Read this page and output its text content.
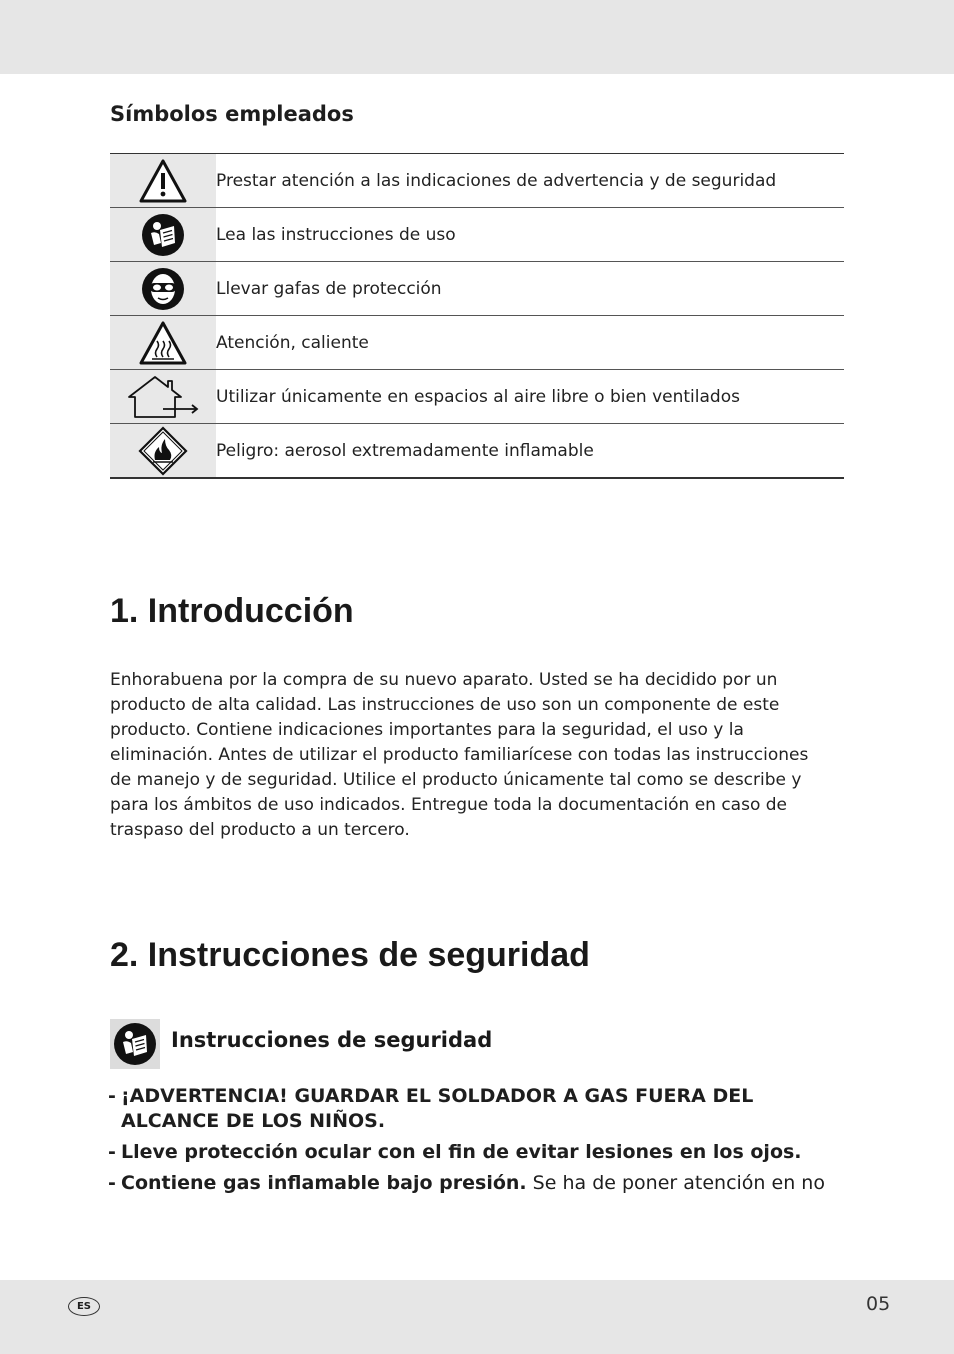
Símbolos empleados
	Prestar atención a las indicaciones de advertencia y de seguridad

	Lea las instrucciones de uso

	Llevar gafas de protección

	Atención, caliente

	Utilizar únicamente en espacios al aire libre o bien ventilados

	Peligro: aerosol extremadamente inflamable
1. Introducción

Enhorabuena por la compra de su nuevo aparato. Usted se ha decidido por un producto de alta calidad. Las instrucciones de uso son un componente de este producto. Contiene indicaciones importantes para la seguridad, el uso y la eliminación. Antes de utilizar el producto familiarícese con todas las instrucciones de manejo y de seguridad. Utilice el producto únicamente tal como se describe y para los ámbitos de uso indicados. Entregue toda la documentación en caso de traspaso del producto a un tercero.

2. Instrucciones de seguridad
Instrucciones de seguridad
- ¡ADVERTENCIA! GUARDAR EL SOLDADOR A GAS FUERA DEL ALCANCE DE LOS NIÑOS.
- Lleve protección ocular con el fin de evitar lesiones en los ojos.
- Contiene gas inflamable bajo presión. Se ha de poner atención en no
ES	05
